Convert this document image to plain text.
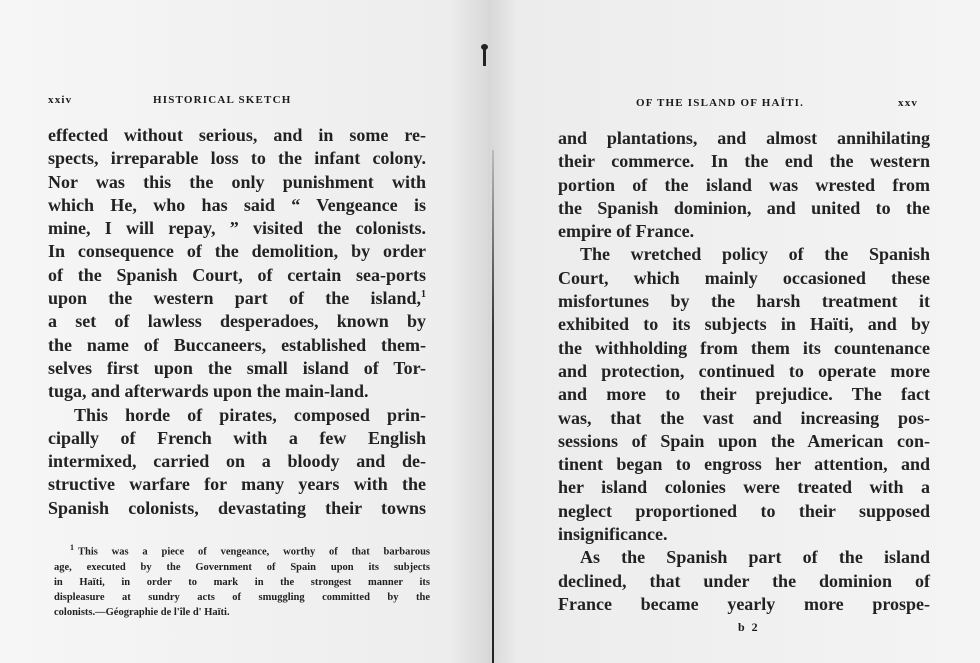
xxiv	HISTORICAL SKETCH
effected without serious, and in some re-
spects, irreparable loss to the infant colony.
Nor was this the only punishment with
which He, who has said “ Vengeance is
mine, I will repay, ” visited the colonists.
In consequence of the demolition, by order
of the Spanish Court, of certain sea-ports
upon the western part of the island,$^1$
a set of lawless desperadoes, known by
the name of Buccaneers, established them-
selves first upon the small island of Tor-
tuga, and afterwards upon the main-land.
This horde of pirates, composed prin-
cipally of French with a few English
intermixed, carried on a bloody and de-
structive warfare for many years with the
Spanish colonists, devastating their towns
$^1$ This was a piece of vengeance, worthy of that barbarous
age, executed by the Government of Spain upon its subjects
in Haïti, in order to mark in the strongest manner its
displeasure at sundry acts of smuggling committed by the
colonists.—Géographie de l'île d' Haïti.
OF THE ISLAND OF HAÏTI.	xxv
and plantations, and almost annihilating
their commerce. In the end the western
portion of the island was wrested from
the Spanish dominion, and united to the
empire of France.
The wretched policy of the Spanish
Court, which mainly occasioned these
misfortunes by the harsh treatment it
exhibited to its subjects in Haïti, and by
the withholding from them its countenance
and protection, continued to operate more
and more to their prejudice. The fact
was, that the vast and increasing pos-
sessions of Spain upon the American con-
tinent began to engross her attention, and
her island colonies were treated with a
neglect proportioned to their supposed
insignificance.
As the Spanish part of the island
declined, that under the dominion of
France became yearly more prospe-
b 2
